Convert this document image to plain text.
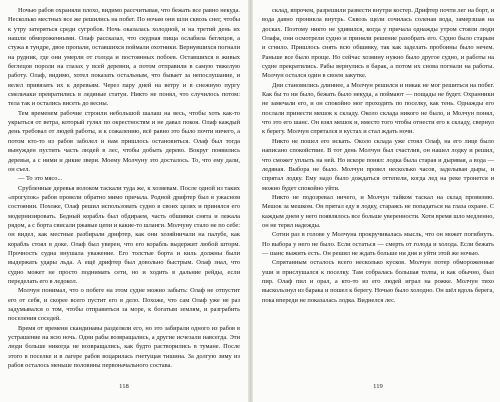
Ночью рабов охраняли плохо, видимо рассчитывая, что бежать все равно некуда. Несколько местных все же решились на побег. По ночам они шли сквозь снег, чтобы к утру затеряться среди сугробов. Ночь оказалась холодной, и на третий день их нашли обмороженными. Олаф рассказал, что скудная пища ослабила беглецов, а стужа в тундре, двое пропали, оставшихся поймали охотники. Вернувшихся погнали на рудник, где они умерли от голода и постоянных побоев. Оставшихся в живых беглецов пороли на глазах у всей деревни, а потом отправили в самую тяжелую работу. Олаф, видимо, хотел показать остальным, что бывает за непослушание, и велел привязать их к деревьям. Через пару дней на ветру и в снежную пургу смельчаки превратились в ледяные статуи. Никто не понял, что случилось потом: тела так и остались висеть до весны.

Тем временем рабочие строили небольшой шалаш на весь, чтобы хоть как-то укрыться от ветра, который гулял по окрестностям и не давал покоя. Олаф каждый день требовал от людей работы, и к сожалению, всё равно это было почти ничего, а потом кто-то из рабов заболел и нам пришлось остановиться. Олаф был тогда вынужден пустить часть людей в лес, чтобы добыть дерево. Вокруг появились деревья, а с ними и дикие звери. Моему Молчуну это досталось. То, что ему дали, он съел.

— То это мясо...

Срубленные деревья волоком таскали туда же, к хозяевам. После одной из таких «прогулок» рабов провели обратно мимо причала. Родной дрифтер был в ужасном состоянии. Похоже, Олаф решил использовать судно в своих целях и принялся его модернизировать. Бедный корабль был обдираем, часть обшивки снята и лежала рядом, а с борта свисали ржавые цепи и какие-то шланги. Молчуну стало не по себе: он видел, как местные разбирали дрифтер, как они хозяйничали на палубе, как корабль стоял в доке. Олаф был уверен, что его корабль выдержит любой шторм. Прочность судна внушала уважение. Его толстые борта и киль должны были выдержать удары льда. А ещё дрифтер был довольно быстрым. Олаф знал, что судно может не просто поднимать сети, но и ходить в дальние рейды, если переделать его в ледокол.

Молчун понимал, что о побеге на этом судне можно забыть: Олаф не отпустит его от себя, и скорее всего пустит его в дело. Похоже, что сам Олаф уже не раз задумывался о том, чтобы отправиться за море, к богатым землям, и разграбить поселения соседей.

Время от времени скандинавы разделяли его, но это забирали одного из рабов в устрашение на всю ночь. Одни рабы возвращались, а другие исчезали навсегда. Эти люди больше никогда не возвращались, как будто растворились в тумане. После этого в поселке и в лагере рабов воцарилась гнетущая тишина. За долгую зиму из рабов осталось меньше половины первоначального состава.

118

склад, впрочем, разрешили развести внутри костер. Дрифтер почти лег на борт, и вода давно проникла внутрь. Сквозь щели сочилась соленая вода, замерзшая на досках. Поэтому никто не удивился, когда у причала однажды утром стояли люди Олафа, они осмотрели судно и приняли решение разобрать его. Судно было старым и сгнило. Пришлось снять всю обшивку, так как заделать пробоины было нечем. Раньше все было проще. Но сейчас хозяину нужно было другое судно, и работы на судне прекратились. Рабы вернулись в барак, а потом их снова погнали на работы. Молчун остался один в своем закутке.

Дни становились длиннее, а Молчун решился и никак не мог решиться на побег. Как бы то ни было, бежать было некуда, а поймают — пощады не будет. Охранники не замечали его, и он спокойно мог проходить по поселку, как тень. Однажды его послали принести мешок к складу. Около склада никого не было, и Молчун понял, что это его шанс. Он взял мешок и, вместо того чтобы отнести его к складу, свернул к берегу. Молчун спрятался в кустах и стал ждать ночи.

Никто не пошел его искать. Около склада уже стоял Олаф, на его лице было написано спокойствие. В тот день Молчун был счастлив, он нашел лодку и решил, что сможет уплыть на ней. Но вскоре понял: лодка была старая и дырявая, а вода — ледяная. Выбора не было. Молчун провел несколько часов, заделывая дыры, и спрятал лодку. Ему надо было дождаться оттепели, когда лед на реке тронется и можно будет спокойно уйти.

Никто не подозревал ничего, и Молчун тайком таскал на склад провизию. Мешок за мешком. Он прятал еду в лодку, стараясь не попадаться на глаза охране. С каждым днем у него появлялось все больше уверенности. Хотя время шло медленно, он не терял надежды.

Сотни раз в голове у Молчуна прокручивалась мысль, что он может погибнуть. Но выбора у него не было. Если остаться — смерть от голода и холода. Если бежать — шанс выжить есть. Он решил не ждать больше ни дня и уйти этой же ночью.

Спрятанным осталось всего несколько кусков. Молчун потер обмороженные уши и прислушался к поселку. Там собралась большая толпа, и как обычно, был пир. Олаф пил и орал, а кто-то из его людей играл на рожке. Молчун тихо выскользнул из барака и пошел к берегу. Ночью было холодно. Он шёл вдоль берега, пока впереди не показалась лодка. Виднелся лес.

119
